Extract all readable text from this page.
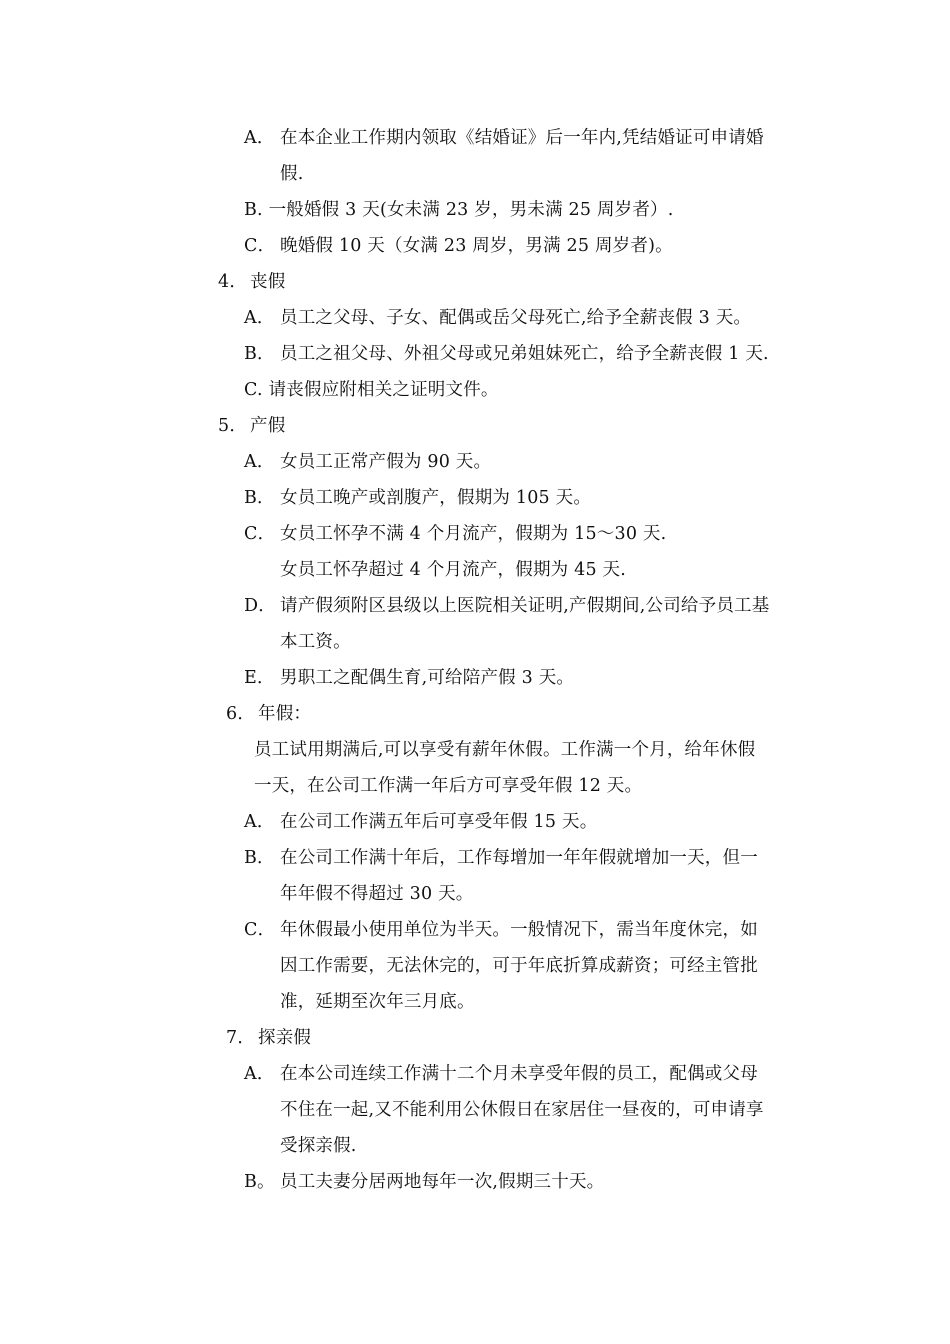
A． 在本企业工作期内领取《结婚证》后一年内,凭结婚证可申请婚
假.
B. 一般婚假 3 天(女未满 23 岁，男未满 25 周岁者）.
C． 晚婚假 10 天（女满 23 周岁，男满 25 周岁者)。
4． 丧假
A． 员工之父母、子女、配偶或岳父母死亡,给予全薪丧假 3 天。
B． 员工之祖父母、外祖父母或兄弟姐妹死亡，给予全薪丧假 1 天.
C. 请丧假应附相关之证明文件。
5． 产假
A． 女员工正常产假为 90 天。
B． 女员工晚产或剖腹产，假期为 105 天。
C． 女员工怀孕不满 4 个月流产，假期为 15～30 天.
女员工怀孕超过 4 个月流产，假期为 45 天.
D． 请产假须附区县级以上医院相关证明,产假期间,公司给予员工基
本工资。
E． 男职工之配偶生育,可给陪产假 3 天。
6． 年假：
员工试用期满后,可以享受有薪年休假。工作满一个月，给年休假
一天，在公司工作满一年后方可享受年假 12 天。
A． 在公司工作满五年后可享受年假 15 天。
B． 在公司工作满十年后，工作每增加一年年假就增加一天，但一
年年假不得超过 30 天。
C． 年休假最小使用单位为半天。一般情况下，需当年度休完，如
因工作需要，无法休完的，可于年底折算成薪资；可经主管批
准，延期至次年三月底。
7． 探亲假
A． 在本公司连续工作满十二个月未享受年假的员工，配偶或父母
不住在一起,又不能利用公休假日在家居住一昼夜的，可申请享
受探亲假.
B。 员工夫妻分居两地每年一次,假期三十天。
